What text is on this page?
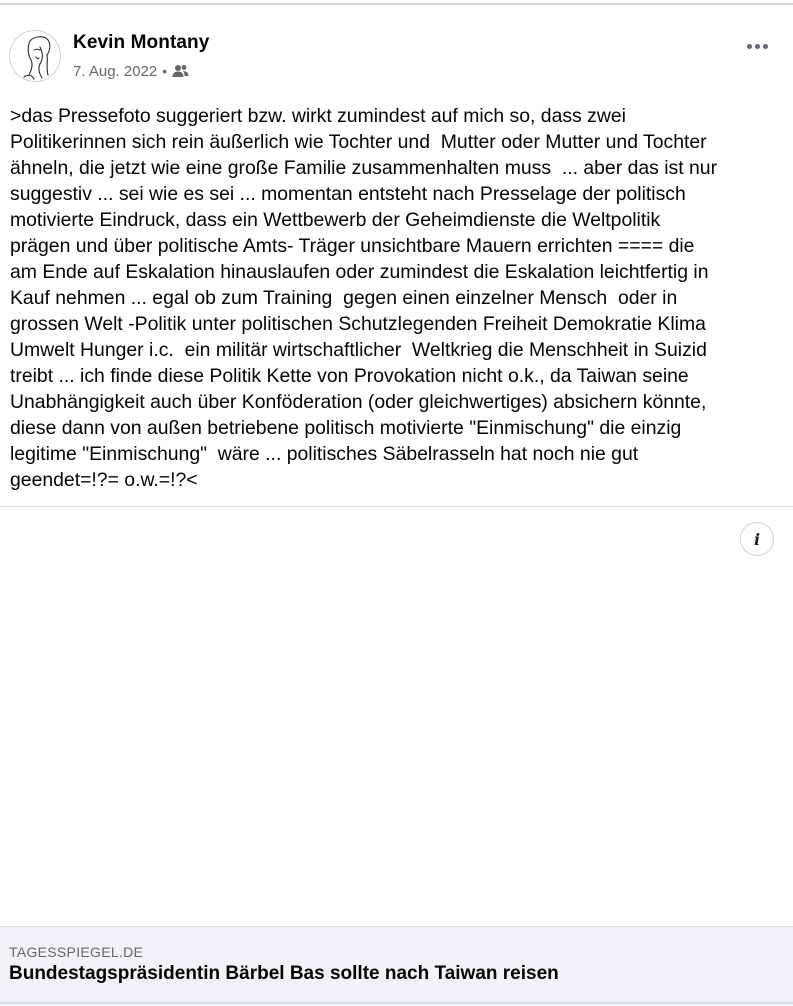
Kevin Montany
7. Aug. 2022 •

>das Pressefoto suggeriert bzw. wirkt zumindest auf mich so, dass zwei
Politikerinnen sich rein äußerlich wie Tochter und  Mutter oder Mutter und Tochter
ähneln, die jetzt wie eine große Familie zusammenhalten muss  ... aber das ist nur
suggestiv ... sei wie es sei ... momentan entsteht nach Presselage der politisch
motivierte Eindruck, dass ein Wettbewerb der Geheimdienste die Weltpolitik
prägen und über politische Amts- Träger unsichtbare Mauern errichten ==== die
am Ende auf Eskalation hinauslaufen oder zumindest die Eskalation leichtfertig in
Kauf nehmen ... egal ob zum Training  gegen einen einzelner Mensch  oder in
grossen Welt -Politik unter politischen Schutzlegenden Freiheit Demokratie Klima
Umwelt Hunger i.c.  ein militär wirtschaftlicher  Weltkrieg die Menschheit in Suizid
treibt ... ich finde diese Politik Kette von Provokation nicht o.k., da Taiwan seine
Unabhängigkeit auch über Konföderation (oder gleichwertiges) absichern könnte,
diese dann von außen betriebene politisch motivierte "Einmischung" die einzig
legitime "Einmischung"  wäre ... politisches Säbelrasseln hat noch nie gut
geendet=!?= o.w.=!?<

i
TAGESSPIEGEL.DE
Bundestagspräsidentin Bärbel Bas sollte nach Taiwan reisen
